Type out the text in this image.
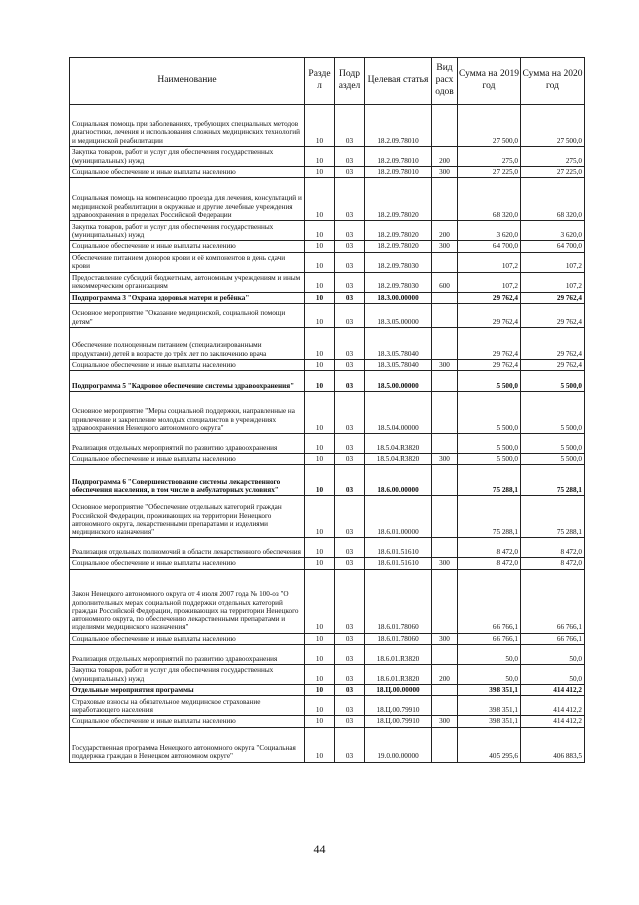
Наименование	Разде л	Подр аздел	Целевая статья	Вид расх одов	Сумма на 2019 год	Сумма на 2020 год
Социальная помощь при заболеваниях, требующих специальных методов диагностики, лечения и использования сложных медицинских технологий и медицинской реабилитации	10	03	18.2.09.78010		27 500,0	27 500,0
Закупка товаров, работ и услуг для обеспечения государственных (муниципальных) нужд	10	03	18.2.09.78010	200	275,0	275,0
Социальное обеспечение и иные выплаты населению	10	03	18.2.09.78010	300	27 225,0	27 225,0
Социальная помощь на компенсацию проезда для лечения, консультаций и медицинской реабилитации в окружные и другие лечебные учреждения здравоохранения в пределах Российской Федерации	10	03	18.2.09.78020		68 320,0	68 320,0
Закупка товаров, работ и услуг для обеспечения государственных (муниципальных) нужд	10	03	18.2.09.78020	200	3 620,0	3 620,0
Социальное обеспечение и иные выплаты населению	10	03	18.2.09.78020	300	64 700,0	64 700,0
Обеспечение питанием доноров крови и её компонентов в день сдачи крови	10	03	18.2.09.78030		107,2	107,2
Предоставление субсидий бюджетным, автономным учреждениям и иным некоммерческим организациям	10	03	18.2.09.78030	600	107,2	107,2
Подпрограмма 3 "Охрана здоровья матери и ребёнка"	10	03	18.3.00.00000		29 762,4	29 762,4
Основное мероприятие "Оказание медицинской, социальной помощи детям"	10	03	18.3.05.00000		29 762,4	29 762,4
Обеспечение полноценным питанием (специализированными продуктами) детей в возрасте до трёх лет по заключению врача	10	03	18.3.05.78040		29 762,4	29 762,4
Социальное обеспечение и иные выплаты населению	10	03	18.3.05.78040	300	29 762,4	29 762,4
Подпрограмма 5 "Кадровое обеспечение системы здравоохранения"	10	03	18.5.00.00000		5 500,0	5 500,0
Основное мероприятие "Меры социальной поддержки, направленные на привлечение и закрепление молодых специалистов в учреждениях здравоохранения Ненецкого автономного округа"	10	03	18.5.04.00000		5 500,0	5 500,0
Реализация отдельных мероприятий по развитию здравоохранения	10	03	18.5.04.R3820		5 500,0	5 500,0
Социальное обеспечение и иные выплаты населению	10	03	18.5.04.R3820	300	5 500,0	5 500,0
Подпрограмма 6 "Совершенствование системы лекарственного обеспечения населения, в том числе в амбулаторных условиях"	10	03	18.6.00.00000		75 288,1	75 288,1
Основное мероприятие "Обеспечение отдельных категорий граждан Российской Федерации, проживающих на территории Ненецкого автономного округа, лекарственными препаратами и изделиями медицинского назначения"	10	03	18.6.01.00000		75 288,1	75 288,1
Реализация отдельных полномочий в области лекарственного обеспечения	10	03	18.6.01.51610		8 472,0	8 472,0
Социальное обеспечение и иные выплаты населению	10	03	18.6.01.51610	300	8 472,0	8 472,0
Закон Ненецкого автономного округа от 4 июля 2007 года № 100-оз "О дополнительных мерах социальной поддержки отдельных категорий граждан Российской Федерации, проживающих на территории Ненецкого автономного округа, по обеспечению лекарственными препаратами и изделиями медицинского назначения"	10	03	18.6.01.78060		66 766,1	66 766,1
Социальное обеспечение и иные выплаты населению	10	03	18.6.01.78060	300	66 766,1	66 766,1
Реализация отдельных мероприятий по развитию здравоохранения	10	03	18.6.01.R3820		50,0	50,0
Закупка товаров, работ и услуг для обеспечения государственных (муниципальных) нужд	10	03	18.6.01.R3820	200	50,0	50,0
Отдельные мероприятия программы	10	03	18.Ц.00.00000		398 351,1	414 412,2
Страховые взносы на обязательное медицинское страхование неработающего населения	10	03	18.Ц.00.79910		398 351,1	414 412,2
Социальное обеспечение и иные выплаты населению	10	03	18.Ц.00.79910	300	398 351,1	414 412,2
Государственная программа Ненецкого автономного округа "Социальная поддержка граждан в Ненецком автономном округе"	10	03	19.0.00.00000		405 295,6	406 883,5
44
